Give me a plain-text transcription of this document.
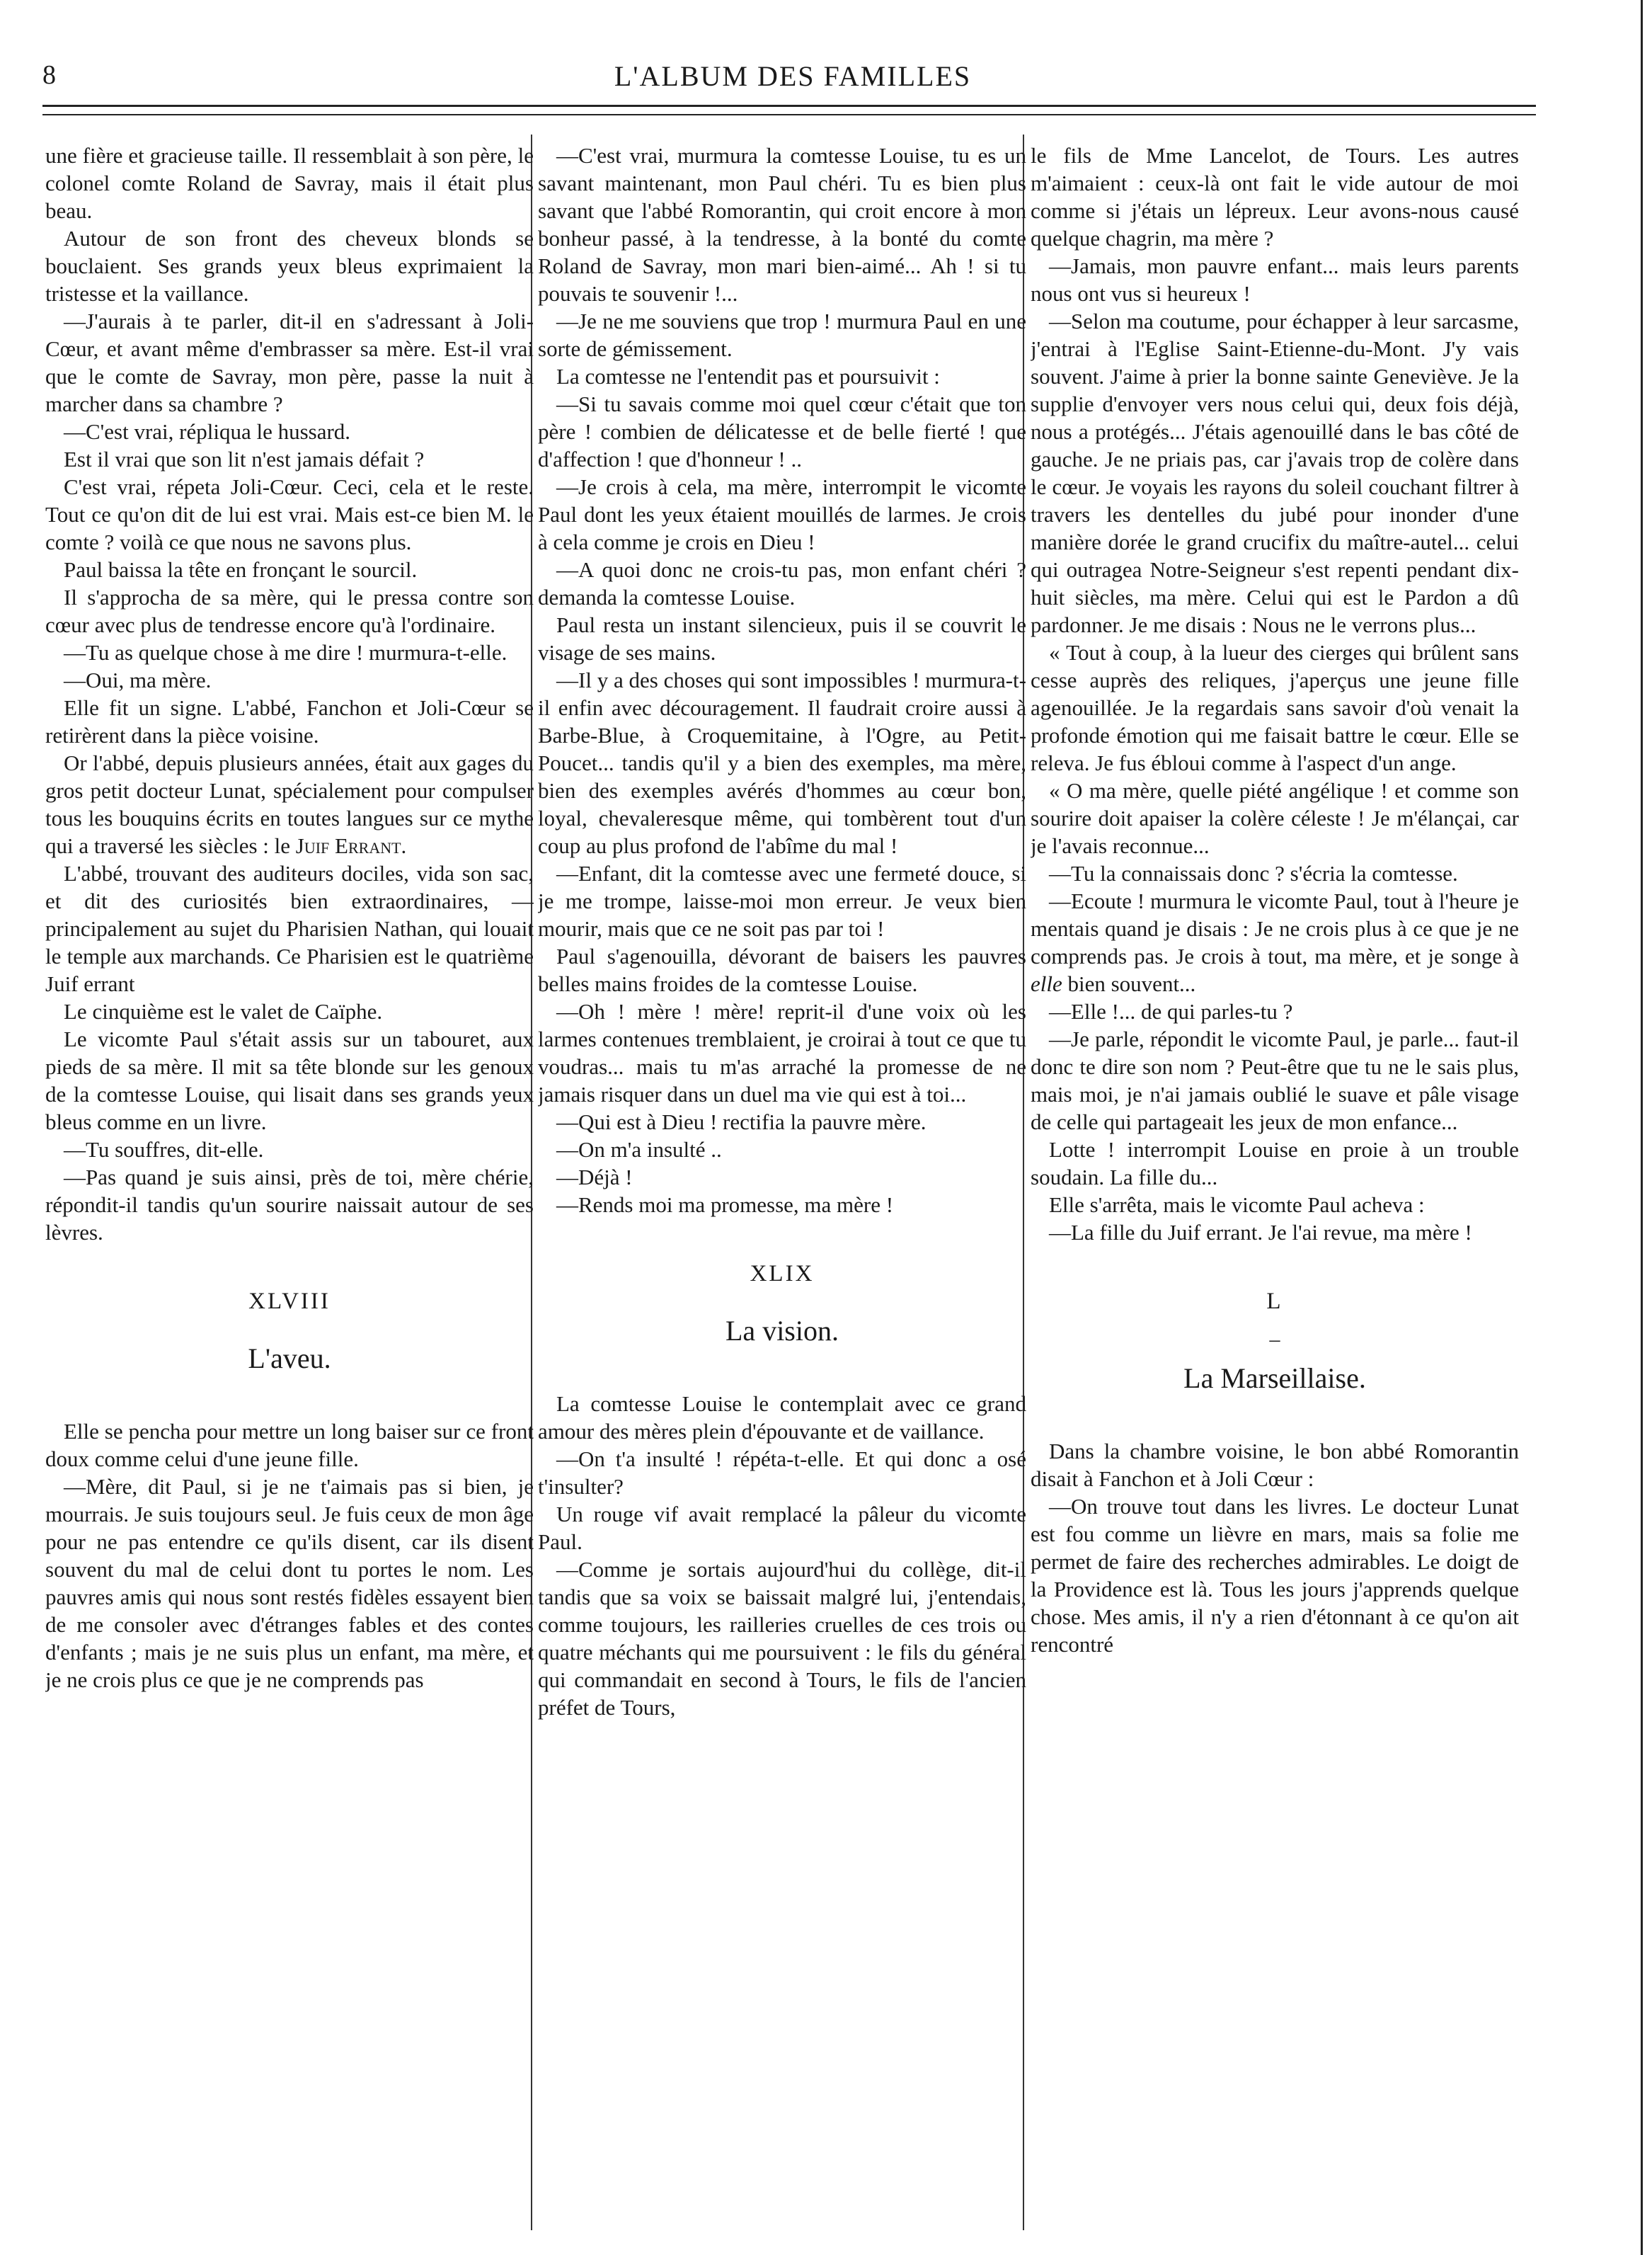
8	L'ALBUM DES FAMILLES

une fière et gracieuse taille. Il ressemblait à son père, le colonel comte Roland de Savray, mais il était plus beau.

Autour de son front des cheveux blonds se bouclaient. Ses grands yeux bleus exprimaient la tristesse et la vaillance.

—J'aurais à te parler, dit-il en s'adressant à Joli-Cœur, et avant même d'embrasser sa mère. Est-il vrai que le comte de Savray, mon père, passe la nuit à marcher dans sa chambre ?

—C'est vrai, répliqua le hussard.

Est il vrai que son lit n'est jamais défait ?

C'est vrai, répeta Joli-Cœur. Ceci, cela et le reste. Tout ce qu'on dit de lui est vrai. Mais est-ce bien M. le comte ? voilà ce que nous ne savons plus.

Paul baissa la tête en fronçant le sourcil.

Il s'approcha de sa mère, qui le pressa contre son cœur avec plus de tendresse encore qu'à l'ordinaire.

—Tu as quelque chose à me dire ! murmura-t-elle.

—Oui, ma mère.

Elle fit un signe. L'abbé, Fanchon et Joli-Cœur se retirèrent dans la pièce voisine.

Or l'abbé, depuis plusieurs années, était aux gages du gros petit docteur Lunat, spécialement pour compulser tous les bouquins écrits en toutes langues sur ce mythe qui a traversé les siècles : le Juif Errant.

L'abbé, trouvant des auditeurs dociles, vida son sac, et dit des curiosités bien extraordinaires, — principalement au sujet du Pharisien Nathan, qui louait le temple aux marchands. Ce Pharisien est le quatrième Juif errant

Le cinquième est le valet de Caïphe.

Le vicomte Paul s'était assis sur un tabouret, aux pieds de sa mère. Il mit sa tête blonde sur les genoux de la comtesse Louise, qui lisait dans ses grands yeux bleus comme en un livre.

—Tu souffres, dit-elle.

—Pas quand je suis ainsi, près de toi, mère chérie, répondit-il tandis qu'un sourire naissait autour de ses lèvres.

XLVIII
L'aveu.

Elle se pencha pour mettre un long baiser sur ce front doux comme celui d'une jeune fille.

—Mère, dit Paul, si je ne t'aimais pas si bien, je mourrais. Je suis toujours seul. Je fuis ceux de mon âge pour ne pas entendre ce qu'ils disent, car ils disent souvent du mal de celui dont tu portes le nom. Les pauvres amis qui nous sont restés fidèles essayent bien de me consoler avec d'étranges fables et des contes d'enfants ; mais je ne suis plus un enfant, ma mère, et je ne crois plus ce que je ne comprends pas

—C'est vrai, murmura la comtesse Louise, tu es un savant maintenant, mon Paul chéri. Tu es bien plus savant que l'abbé Romorantin, qui croit encore à mon bonheur passé, à la tendresse, à la bonté du comte Roland de Savray, mon mari bien-aimé... Ah ! si tu pouvais te souvenir !...

—Je ne me souviens que trop ! murmura Paul en une sorte de gémissement.

La comtesse ne l'entendit pas et poursuivit :

—Si tu savais comme moi quel cœur c'était que ton père ! combien de délicatesse et de belle fierté ! que d'affection ! que d'honneur ! ..

—Je crois à cela, ma mère, interrompit le vicomte Paul dont les yeux étaient mouillés de larmes. Je crois à cela comme je crois en Dieu !

—A quoi donc ne crois-tu pas, mon enfant chéri ? demanda la comtesse Louise.

Paul resta un instant silencieux, puis il se couvrit le visage de ses mains.

—Il y a des choses qui sont impossibles ! murmura-t-il enfin avec découragement. Il faudrait croire aussi à Barbe-Blue, à Croquemitaine, à l'Ogre, au Petit-Poucet... tandis qu'il y a bien des exemples, ma mère, bien des exemples avérés d'hommes au cœur bon, loyal, chevaleresque même, qui tombèrent tout d'un coup au plus profond de l'abîme du mal !

—Enfant, dit la comtesse avec une fermeté douce, si je me trompe, laisse-moi mon erreur. Je veux bien mourir, mais que ce ne soit pas par toi !

Paul s'agenouilla, dévorant de baisers les pauvres belles mains froides de la comtesse Louise.

—Oh ! mère ! mère! reprit-il d'une voix où les larmes contenues tremblaient, je croirai à tout ce que tu voudras... mais tu m'as arraché la promesse de ne jamais risquer dans un duel ma vie qui est à toi...

—Qui est à Dieu ! rectifia la pauvre mère.

—On m'a insulté ..

—Déjà !

—Rends moi ma promesse, ma mère !

XLIX
La vision.

La comtesse Louise le contemplait avec ce grand amour des mères plein d'épouvante et de vaillance.

—On t'a insulté ! répéta-t-elle. Et qui donc a osé t'insulter?

Un rouge vif avait remplacé la pâleur du vicomte Paul.

—Comme je sortais aujourd'hui du collège, dit-il tandis que sa voix se baissait malgré lui, j'entendais, comme toujours, les railleries cruelles de ces trois ou quatre méchants qui me poursuivent : le fils du général qui commandait en second à Tours, le fils de l'ancien préfet de Tours,

le fils de Mme Lancelot, de Tours. Les autres m'aimaient : ceux-là ont fait le vide autour de moi comme si j'étais un lépreux. Leur avons-nous causé quelque chagrin, ma mère ?

—Jamais, mon pauvre enfant... mais leurs parents nous ont vus si heureux !

—Selon ma coutume, pour échapper à leur sarcasme, j'entrai à l'Eglise Saint-Etienne-du-Mont. J'y vais souvent. J'aime à prier la bonne sainte Geneviève. Je la supplie d'envoyer vers nous celui qui, deux fois déjà, nous a protégés... J'étais agenouillé dans le bas côté de gauche. Je ne priais pas, car j'avais trop de colère dans le cœur. Je voyais les rayons du soleil couchant filtrer à travers les dentelles du jubé pour inonder d'une manière dorée le grand crucifix du maître-autel... celui qui outragea Notre-Seigneur s'est repenti pendant dix-huit siècles, ma mère. Celui qui est le Pardon a dû pardonner. Je me disais : Nous ne le verrons plus...

« Tout à coup, à la lueur des cierges qui brûlent sans cesse auprès des reliques, j'aperçus une jeune fille agenouillée. Je la regardais sans savoir d'où venait la profonde émotion qui me faisait battre le cœur. Elle se releva. Je fus ébloui comme à l'aspect d'un ange.

« O ma mère, quelle piété angélique ! et comme son sourire doit apaiser la colère céleste ! Je m'élançai, car je l'avais reconnue...

—Tu la connaissais donc ? s'écria la comtesse.

—Ecoute ! murmura le vicomte Paul, tout à l'heure je mentais quand je disais : Je ne crois plus à ce que je ne comprends pas. Je crois à tout, ma mère, et je songe à elle bien souvent...

—Elle !... de qui parles-tu ?

—Je parle, répondit le vicomte Paul, je parle... faut-il donc te dire son nom ? Peut-être que tu ne le sais plus, mais moi, je n'ai jamais oublié le suave et pâle visage de celle qui partageait les jeux de mon enfance...

Lotte ! interrompit Louise en proie à un trouble soudain. La fille du...

Elle s'arrêta, mais le vicomte Paul acheva :

—La fille du Juif errant. Je l'ai revue, ma mère !

L
–
La Marseillaise.

Dans la chambre voisine, le bon abbé Romorantin disait à Fanchon et à Joli Cœur :

—On trouve tout dans les livres. Le docteur Lunat est fou comme un lièvre en mars, mais sa folie me permet de faire des recherches admirables. Le doigt de la Providence est là. Tous les jours j'apprends quelque chose. Mes amis, il n'y a rien d'étonnant à ce qu'on ait rencontré
